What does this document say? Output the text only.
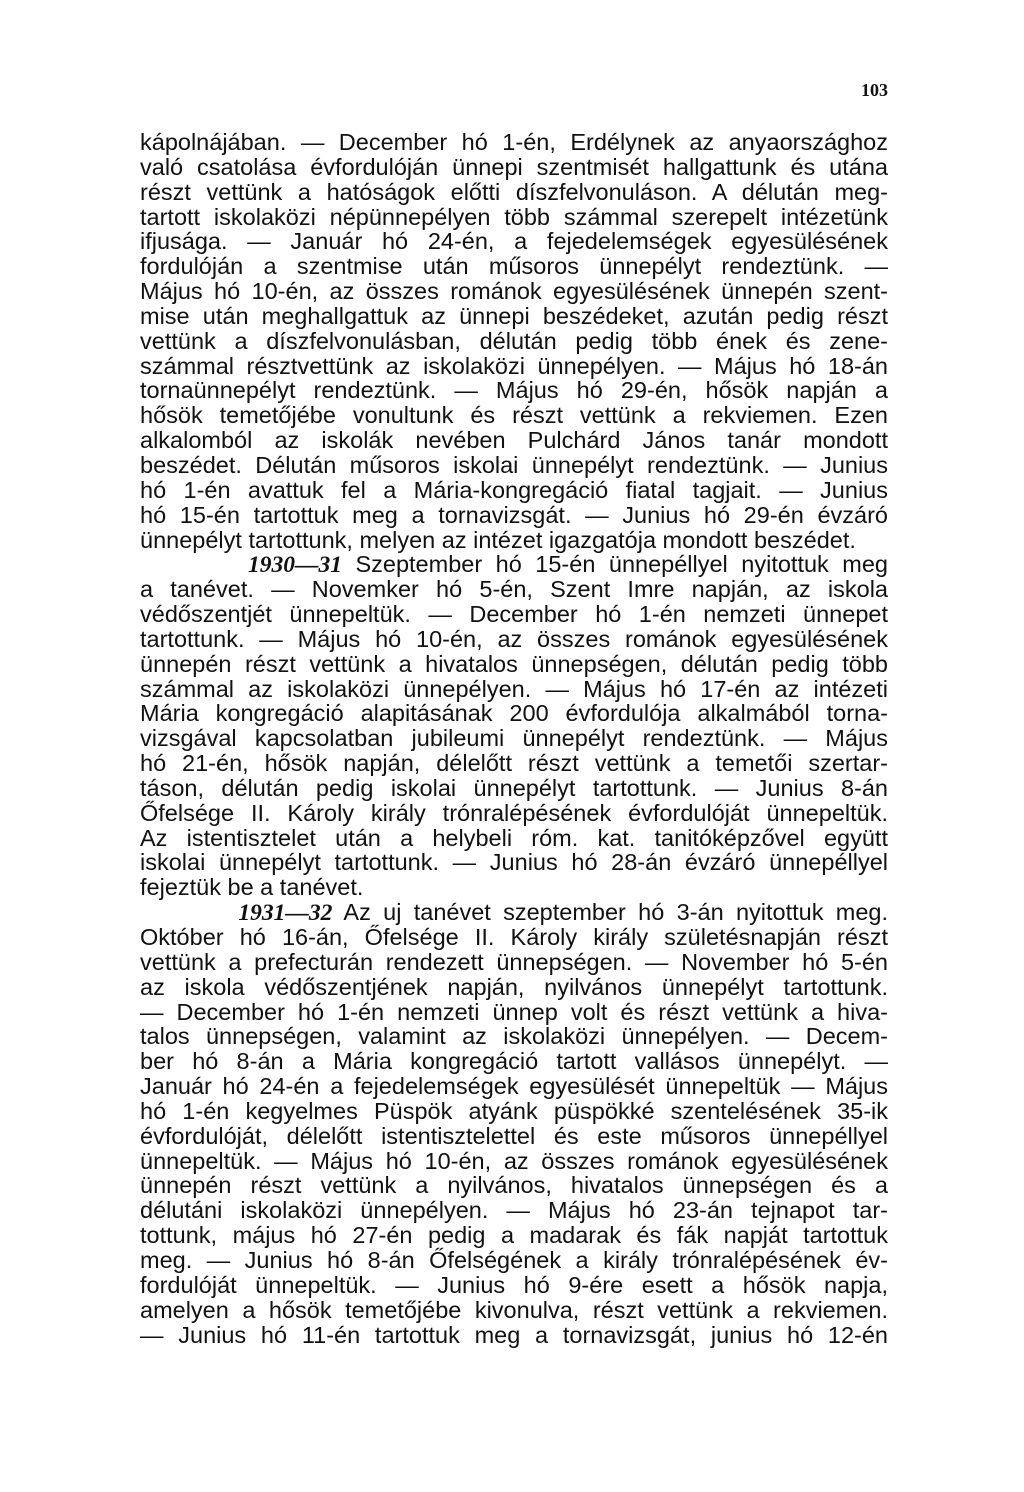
103
kápolnájában. — December hó 1-én, Erdélynek az anyaországhoz
való csatolása évfordulóján ünnepi szentmisét hallgattunk és utána
részt vettünk a hatóságok előtti díszfelvonuláson. A délután meg-
tartott iskolaközi népünnepélyen több számmal szerepelt intézetünk
ifjusága. — Január hó 24-én, a fejedelemségek egyesülésének
fordulóján a szentmise után műsoros ünnepélyt rendeztünk. —
Május hó 10-én, az összes románok egyesülésének ünnepén szent-
mise után meghallgattuk az ünnepi beszédeket, azután pedig részt
vettünk a díszfelvonulásban, délután pedig több ének és zene-
számmal résztvettünk az iskolaközi ünnepélyen. — Május hó 18-án
tornaünnepélyt rendeztünk. — Május hó 29-én, hősök napján a
hősök temetőjébe vonultunk és részt vettünk a rekviemen. Ezen
alkalomból az iskolák nevében Pulchárd János tanár mondott
beszédet. Délután műsoros iskolai ünnepélyt rendeztünk. — Junius
hó 1-én avattuk fel a Mária-kongregáció fiatal tagjait. — Junius
hó 15-én tartottuk meg a tornavizsgát. — Junius hó 29-én évzáró
ünnepélyt tartottunk, melyen az intézet igazgatója mondott beszédet.
1930—31 Szeptember hó 15-én ünnepéllyel nyitottuk meg
a tanévet. — Novemker hó 5-én, Szent Imre napján, az iskola
védőszentjét ünnepeltük. — December hó 1-én nemzeti ünnepet
tartottunk. — Május hó 10-én, az összes románok egyesülésének
ünnepén részt vettünk a hivatalos ünnepségen, délután pedig több
számmal az iskolaközi ünnepélyen. — Május hó 17-én az intézeti
Mária kongregáció alapitásának 200 évfordulója alkalmából torna-
vizsgával kapcsolatban jubileumi ünnepélyt rendeztünk. — Május
hó 21-én, hősök napján, délelőtt részt vettünk a temetői szertar-
táson, délután pedig iskolai ünnepélyt tartottunk. — Junius 8-án
Őfelsége II. Károly király trónralépésének évfordulóját ünnepeltük.
Az istentisztelet után a helybeli róm. kat. tanitóképzővel együtt
iskolai ünnepélyt tartottunk. — Junius hó 28-án évzáró ünnepéllyel
fejeztük be a tanévet.
1931—32 Az uj tanévet szeptember hó 3-án nyitottuk meg.
Október hó 16-án, Őfelsége II. Károly király születésnapján részt
vettünk a prefecturán rendezett ünnepségen. — November hó 5-én
az iskola védőszentjének napján, nyilvános ünnepélyt tartottunk.
— December hó 1-én nemzeti ünnep volt és részt vettünk a hiva-
talos ünnepségen, valamint az iskolaközi ünnepélyen. — Decem-
ber hó 8-án a Mária kongregáció tartott vallásos ünnepélyt. —
Január hó 24-én a fejedelemségek egyesülését ünnepeltük — Május
hó 1-én kegyelmes Püspök atyánk püspökké szentelésének 35-ik
évfordulóját, délelőtt istentisztelettel és este műsoros ünnepéllyel
ünnepeltük. — Május hó 10-én, az összes románok egyesülésének
ünnepén részt vettünk a nyilvános, hivatalos ünnepségen és a
délutáni iskolaközi ünnepélyen. — Május hó 23-án tejnapot tar-
tottunk, május hó 27-én pedig a madarak és fák napját tartottuk
meg. — Junius hó 8-án Őfelségének a király trónralépésének év-
fordulóját ünnepeltük. — Junius hó 9-ére esett a hősök napja,
amelyen a hősök temetőjébe kivonulva, részt vettünk a rekviemen.
— Junius hó 11-én tartottuk meg a tornavizsgát, junius hó 12-én
